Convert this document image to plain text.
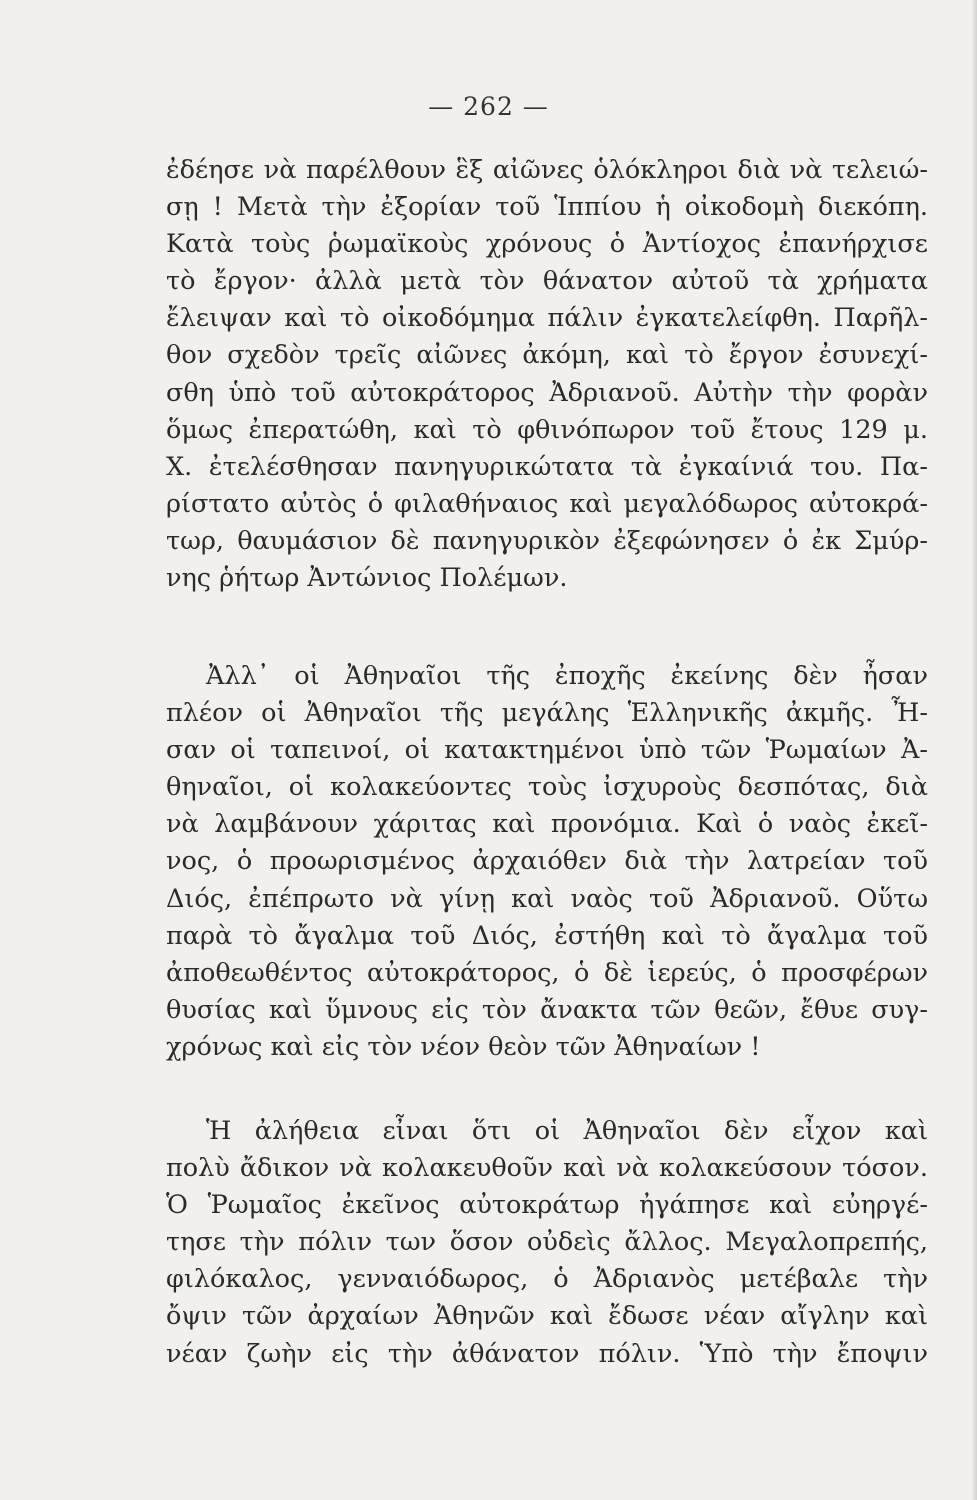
— 262 —
ἐδέησε νὰ παρέλθουν ἓξ αἰῶνες ὁλόκληροι διὰ νὰ τελειώ-
σῃ ! Μετὰ τὴν ἐξορίαν τοῦ Ἱππίου ἡ οἰκοδομὴ διεκόπη.
Κατὰ τοὺς ῥωμαϊκοὺς χρόνους ὁ Ἀντίοχος ἐπανήρχισε
τὸ ἔργον· ἀλλὰ μετὰ τὸν θάνατον αὐτοῦ τὰ χρήματα
ἔλειψαν καὶ τὸ οἰκοδόμημα πάλιν ἐγκατελείφθη. Παρῆλ-
θον σχεδὸν τρεῖς αἰῶνες ἀκόμη, καὶ τὸ ἔργον ἐσυνεχί-
σθη ὑπὸ τοῦ αὐτοκράτορος Ἀδριανοῦ. Αὐτὴν τὴν φορὰν
ὅμως ἐπερατώθη, καὶ τὸ φθινόπωρον τοῦ ἔτους 129 μ.
Χ. ἐτελέσθησαν πανηγυρικώτατα τὰ ἐγκαίνιά του. Πα-
ρίστατο αὐτὸς ὁ φιλαθήναιος καὶ μεγαλόδωρος αὐτοκρά-
τωρ, θαυμάσιον δὲ πανηγυρικὸν ἐξεφώνησεν ὁ ἐκ Σμύρ-
νης ῥήτωρ Ἀντώνιος Πολέμων.
Ἀλλ᾽ οἱ Ἀθηναῖοι τῆς ἐποχῆς ἐκείνης δὲν ἦσαν
πλέον οἱ Ἀθηναῖοι τῆς μεγάλης Ἑλληνικῆς ἀκμῆς. Ἦ-
σαν οἱ ταπεινοί, οἱ κατακτημένοι ὑπὸ τῶν Ῥωμαίων Ἀ-
θηναῖοι, οἱ κολακεύοντες τοὺς ἰσχυροὺς δεσπότας, διὰ
νὰ λαμβάνουν χάριτας καὶ προνόμια. Καὶ ὁ ναὸς ἐκεῖ-
νος, ὁ προωρισμένος ἀρχαιόθεν διὰ τὴν λατρείαν τοῦ
Διός, ἐπέπρωτο νὰ γίνῃ καὶ ναὸς τοῦ Ἀδριανοῦ. Οὕτω
παρὰ τὸ ἄγαλμα τοῦ Διός, ἐστήθη καὶ τὸ ἄγαλμα τοῦ
ἀποθεωθέντος αὐτοκράτορος, ὁ δὲ ἱερεύς, ὁ προσφέρων
θυσίας καὶ ὕμνους εἰς τὸν ἄνακτα τῶν θεῶν, ἔθυε συγ-
χρόνως καὶ εἰς τὸν νέον θεὸν τῶν Ἀθηναίων !
Ἡ ἀλήθεια εἶναι ὅτι οἱ Ἀθηναῖοι δὲν εἶχον καὶ
πολὺ ἄδικον νὰ κολακευθοῦν καὶ νὰ κολακεύσουν τόσον.
Ὁ Ῥωμαῖος ἐκεῖνος αὐτοκράτωρ ἠγάπησε καὶ εὐηργέ-
τησε τὴν πόλιν των ὅσον οὐδεὶς ἄλλος. Μεγαλοπρεπής,
φιλόκαλος, γενναιόδωρος, ὁ Ἀδριανὸς μετέβαλε τὴν
ὄψιν τῶν ἀρχαίων Ἀθηνῶν καὶ ἔδωσε νέαν αἴγλην καὶ
νέαν ζωὴν εἰς τὴν ἀθάνατον πόλιν. Ὑπὸ τὴν ἔποψιν
